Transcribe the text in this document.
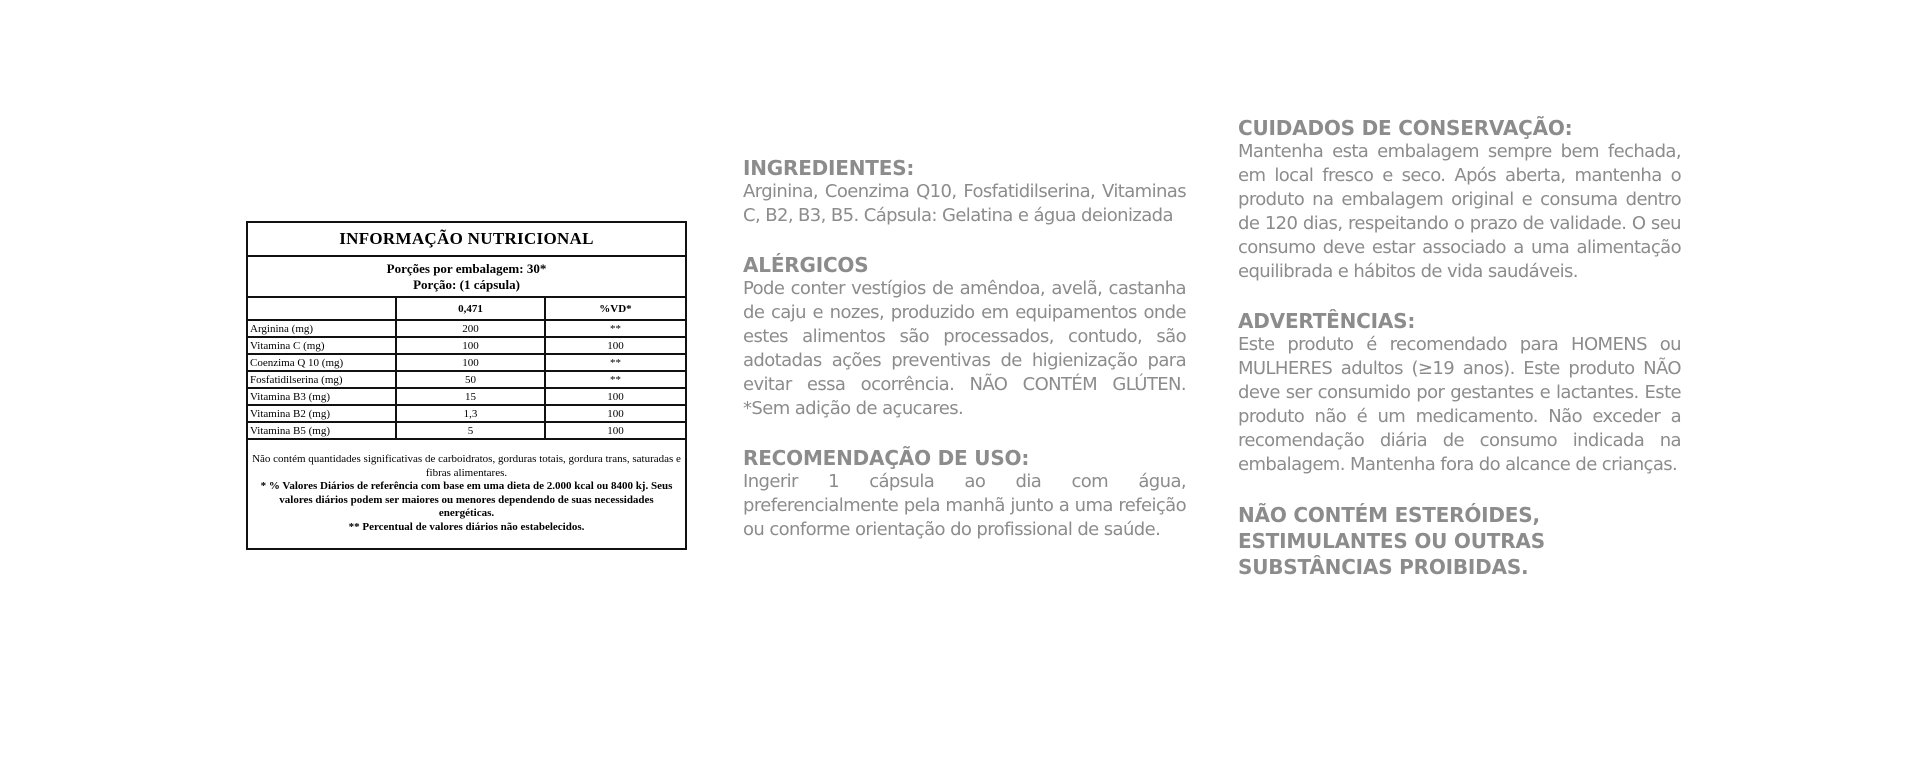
INFORMAÇÃO NUTRICIONAL
Porções por embalagem: 30*
Porção: (1 cápsula)
	0,471	%VD*
Arginina (mg)	200	**
Vitamina C (mg)	100	100
Coenzima Q 10 (mg)	100	**
Fosfatidilserina (mg)	50	**
Vitamina B3 (mg)	15	100
Vitamina B2 (mg)	1,3	100
Vitamina B5 (mg)	5	100
Não contém quantidades significativas de carboidratos, gorduras totais, gordura trans, saturadas e fibras alimentares.
* % Valores Diários de referência com base em uma dieta de 2.000 kcal ou 8400 kj. Seus valores diários podem ser maiores ou menores dependendo de suas necessidades energéticas.
** Percentual de valores diários não estabelecidos.
INGREDIENTES:

Arginina, Coenzima Q10, Fosfatidilserina, Vitaminas C, B2, B3, B5. Cápsula: Gelatina e água deionizada

ALÉRGICOS

Pode conter vestígios de amêndoa, avelã, castanha de caju e nozes, produzido em equipamentos onde estes alimentos são processados, contudo, são adotadas ações preventivas de higienização para evitar essa ocorrência. NÃO CONTÉM GLÚTEN. *Sem adição de açucares.

RECOMENDAÇÃO DE USO:

Ingerir 1 cápsula ao dia com água, preferencialmente pela manhã junto a uma refeição ou conforme orientação do profissional de saúde.

CUIDADOS DE CONSERVAÇÃO:

Mantenha esta embalagem sempre bem fechada, em local fresco e seco. Após aberta, mantenha o produto na embalagem original e consuma dentro de 120 dias, respeitando o prazo de validade. O seu consumo deve estar associado a uma alimentação equilibrada e hábitos de vida saudáveis.

ADVERTÊNCIAS:

Este produto é recomendado para HOMENS ou MULHERES adultos (≥19 anos). Este produto NÃO deve ser consumido por gestantes e lactantes. Este produto não é um medicamento. Não exceder a recomendação diária de consumo indicada na embalagem. Mantenha fora do alcance de crianças.

NÃO CONTÉM ESTERÓIDES,
ESTIMULANTES OU OUTRAS
SUBSTÂNCIAS PROIBIDAS.
